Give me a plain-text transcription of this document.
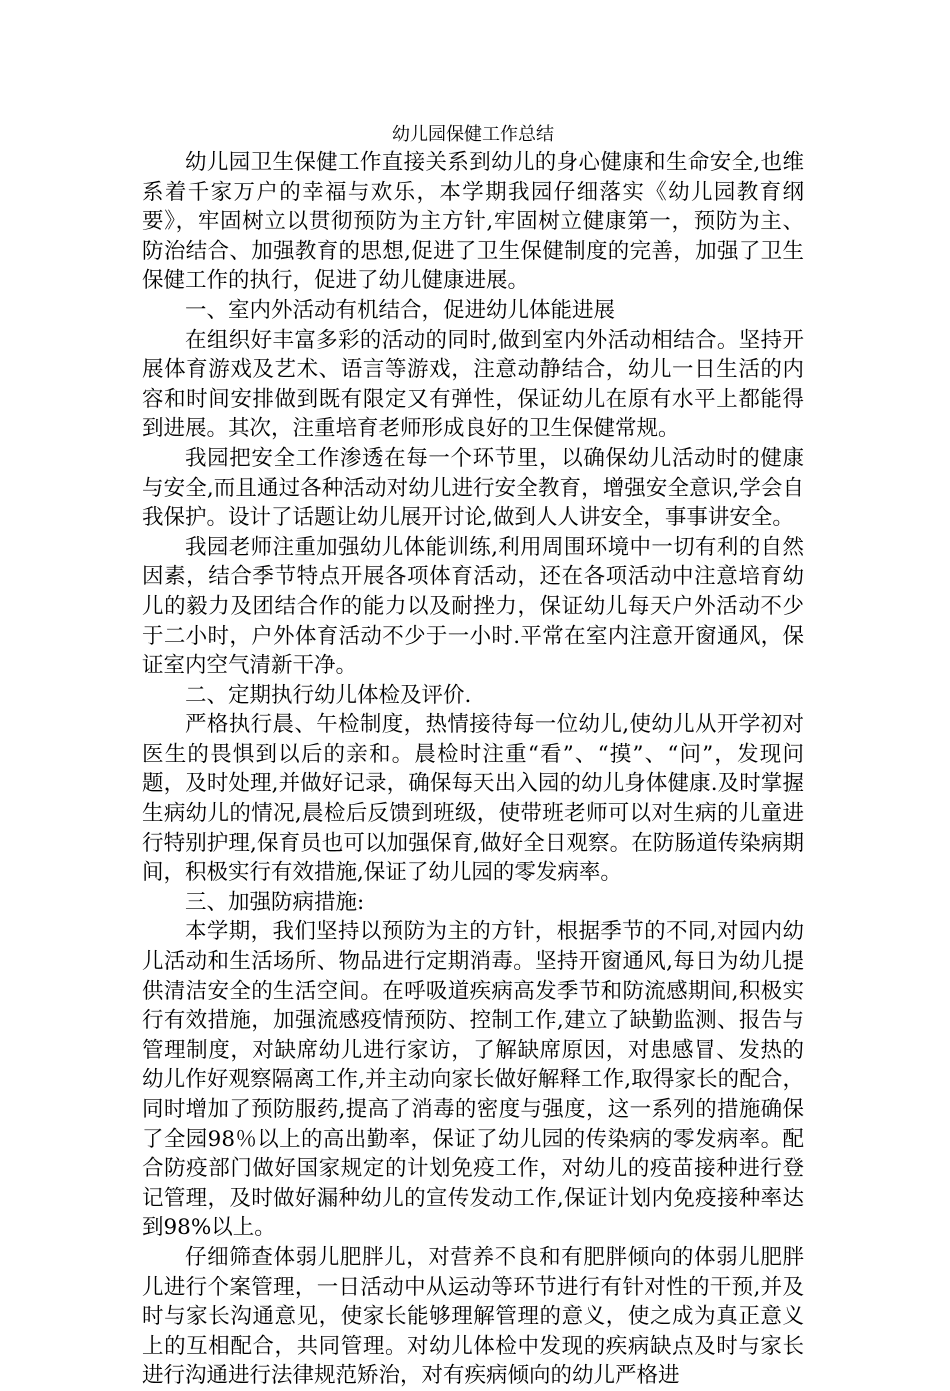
幼儿园保健工作总结

幼儿园卫生保健工作直接关系到幼儿的身心健康和生命安全,也维系着千家万户的幸福与欢乐，本学期我园仔细落实《幼儿园教育纲要》，牢固树立以贯彻预防为主方针,牢固树立健康第一，预防为主、防治结合、加强教育的思想,促进了卫生保健制度的完善，加强了卫生保健工作的执行，促进了幼儿健康进展。

一、室内外活动有机结合，促进幼儿体能进展

在组织好丰富多彩的活动的同时,做到室内外活动相结合。坚持开展体育游戏及艺术、语言等游戏，注意动静结合，幼儿一日生活的内容和时间安排做到既有限定又有弹性，保证幼儿在原有水平上都能得到进展。其次，注重培育老师形成良好的卫生保健常规。

我园把安全工作渗透在每一个环节里，以确保幼儿活动时的健康与安全,而且通过各种活动对幼儿进行安全教育，增强安全意识,学会自我保护。设计了话题让幼儿展开讨论,做到人人讲安全，事事讲安全。

我园老师注重加强幼儿体能训练,利用周围环境中一切有利的自然因素，结合季节特点开展各项体育活动，还在各项活动中注意培育幼儿的毅力及团结合作的能力以及耐挫力，保证幼儿每天户外活动不少于二小时，户外体育活动不少于一小时.平常在室内注意开窗通风，保证室内空气清新干净。

二、定期执行幼儿体检及评价.

严格执行晨、午检制度，热情接待每一位幼儿,使幼儿从开学初对医生的畏惧到以后的亲和。晨检时注重“看”、“摸”、“问”，发现问题，及时处理,并做好记录，确保每天出入园的幼儿身体健康.及时掌握生病幼儿的情况,晨检后反馈到班级，使带班老师可以对生病的儿童进行特别护理,保育员也可以加强保育,做好全日观察。在防肠道传染病期间，积极实行有效措施,保证了幼儿园的零发病率。

三、加强防病措施:

本学期，我们坚持以预防为主的方针，根据季节的不同,对园内幼儿活动和生活场所、物品进行定期消毒。坚持开窗通风,每日为幼儿提供清洁安全的生活空间。在呼吸道疾病高发季节和防流感期间,积极实行有效措施，加强流感疫情预防、控制工作,建立了缺勤监测、报告与管理制度，对缺席幼儿进行家访，了解缺席原因，对患感冒、发热的幼儿作好观察隔离工作,并主动向家长做好解释工作,取得家长的配合，同时增加了预防服药,提高了消毒的密度与强度，这一系列的措施确保了全园98％以上的高出勤率，保证了幼儿园的传染病的零发病率。配合防疫部门做好国家规定的计划免疫工作，对幼儿的疫苗接种进行登记管理，及时做好漏种幼儿的宣传发动工作,保证计划内免疫接种率达到98%以上。

仔细筛查体弱儿肥胖儿，对营养不良和有肥胖倾向的体弱儿肥胖儿进行个案管理，一日活动中从运动等环节进行有针对性的干预,并及时与家长沟通意见，使家长能够理解管理的意义，使之成为真正意义上的互相配合，共同管理。对幼儿体检中发现的疾病缺点及时与家长进行沟通进行法律规范矫治，对有疾病倾向的幼儿严格进
